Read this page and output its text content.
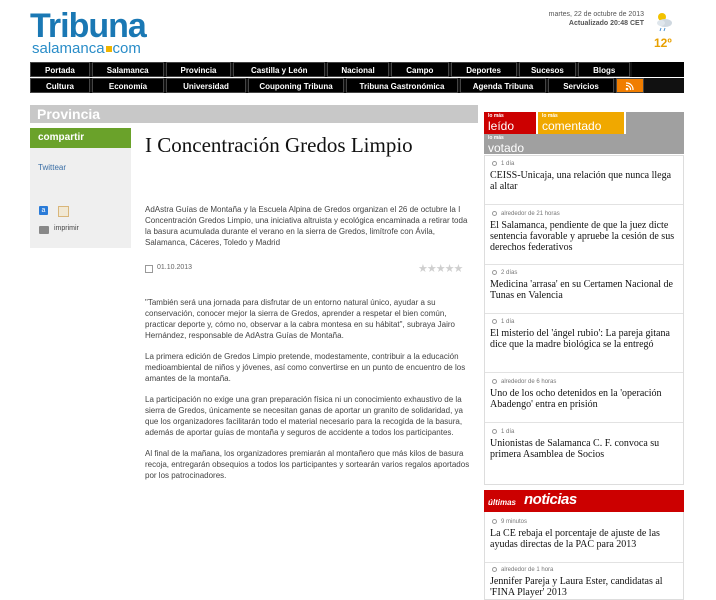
Tribuna
salamanca com
martes, 22 de octubre de 2013
Actualizado 20:48 CET
12º
Portada	Salamanca	Provincia	Castilla y León	Nacional	Campo	Deportes	Sucesos	Blogs
Cultura	Economía	Universidad	Couponing Tribuna	Tribuna Gastronómica	Agenda Tribuna	Servicios
Provincia
compartir
Twittear
a
imprimir
I Concentración Gredos Limpio
AdAstra Guías de Montaña y la Escuela Alpina de Gredos organizan el 26 de octubre la I Concentración Gredos Limpio, una iniciativa altruista y ecológica encaminada a retirar toda la basura acumulada durante el verano en la sierra de Gredos, limítrofe con Ávila, Salamanca, Cáceres, Toledo y Madrid
01.10.2013	★★★★★

"También será una jornada para disfrutar de un entorno natural único, ayudar a su conservación, conocer mejor la sierra de Gredos, aprender a respetar el bien común, practicar deporte y, cómo no, observar a la cabra montesa en su hábitat", subraya Jairo Hernández, responsable de AdAstra Guías de Montaña.

La primera edición de Gredos Limpio pretende, modestamente, contribuir a la educación medioambiental de niños y jóvenes, así como convertirse en un punto de encuentro de los amantes de la montaña.

La participación no exige una gran preparación física ni un conocimiento exhaustivo de la sierra de Gredos, únicamente se necesitan ganas de aportar un granito de solidaridad, ya que los organizadores facilitarán todo el material necesario para la recogida de la basura, además de aportar guías de montaña y seguros de accidente a todos los participantes.

Al final de la mañana, los organizadores premiarán al montañero que más kilos de basura recoja, entregarán obsequios a todos los participantes y sortearán varios regalos aportados por los patrocinadores.

lo más
leído
lo más
comentado
lo más
votado
1 día
CEISS-Unicaja, una relación que nunca llega al altar
alrededor de 21 horas
El Salamanca, pendiente de que la juez dicte sentencia favorable y apruebe la cesión de sus derechos federativos
2 días
Medicina 'arrasa' en su Certamen Nacional de Tunas en Valencia
1 día
El misterio del 'ángel rubio': La pareja gitana dice que la madre biológica se la entregó
alrededor de 6 horas
Uno de los ocho detenidos en la 'operación Abadengo' entra en prisión
1 día
Unionistas de Salamanca C. F. convoca su primera Asamblea de Socios
últimas noticias
9 minutos
La CE rebaja el porcentaje de ajuste de las ayudas directas de la PAC para 2013
alrededor de 1 hora
Jennifer Pareja y Laura Ester, candidatas al 'FINA Player' 2013
